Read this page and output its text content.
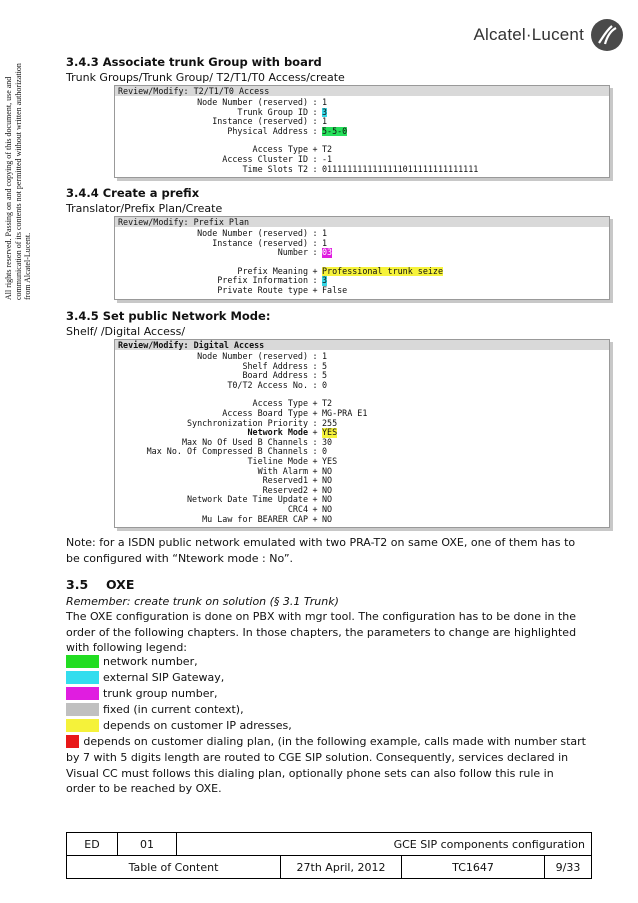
All rights reserved. Passing on and copying of this document, use and communication of its contents not permitted without written authorization from Alcatel-Lucent.
Alcatel·Lucent
3.4.3 Associate trunk Group with board
Trunk Groups/Trunk Group/ T2/T1/T0 Access/create
Review/Modify: T2/T1/T0 Access
Node Number (reserved) : 1
Trunk Group ID : 3
Instance (reserved) : 1
Physical Address : 5-5-0
Access Type + T2
Access Cluster ID : -1
Time Slots T2 : 0111111111111111011111111111111
3.4.4 Create a prefix
Translator/Prefix Plan/Create
Review/Modify: Prefix Plan
Node Number (reserved) : 1
Instance (reserved) : 1
Number : 03
Prefix Meaning + Professional trunk seize
Prefix Information : 3
Private Route type + False
3.4.5 Set public Network Mode:
Shelf/ /Digital Access/
Review/Modify: Digital Access
Node Number (reserved) : 1
Shelf Address : 5
Board Address : 5
T0/T2 Access No. : 0
Access Type + T2
Access Board Type + MG-PRA E1
Synchronization Priority : 255
Network Mode + YES
Max No Of Used B Channels : 30
Max No. Of Compressed B Channels : 0
Tieline Mode + YES
With Alarm + NO
Reserved1 + NO
Reserved2 + NO
Network Date Time Update + NO
CRC4 + NO
Mu Law for BEARER CAP + NO
Note: for a ISDN public network emulated with two PRA-T2 on same OXE, one of them has to be configured with “Ntework mode : No”.
3.5 OXE
Remember: create trunk on solution (§ 3.1 Trunk)
The OXE configuration is done on PBX with mgr tool. The configuration has to be done in the order of the following chapters. In those chapters, the parameters to change are highlighted with following legend:
network number,
external SIP Gateway,
trunk group number,
fixed (in current context),
depends on customer IP adresses,
depends on customer dialing plan, (in the following example, calls made with number start
by 7 with 5 digits length are routed to CGE SIP solution. Consequently, services declared in Visual CC must follows this dialing plan, optionally phone sets can also follow this rule in order to be reached by OXE.
ED	01	GCE SIP components configuration			
Table of Content			27th April, 2012	TC1647	9/33
